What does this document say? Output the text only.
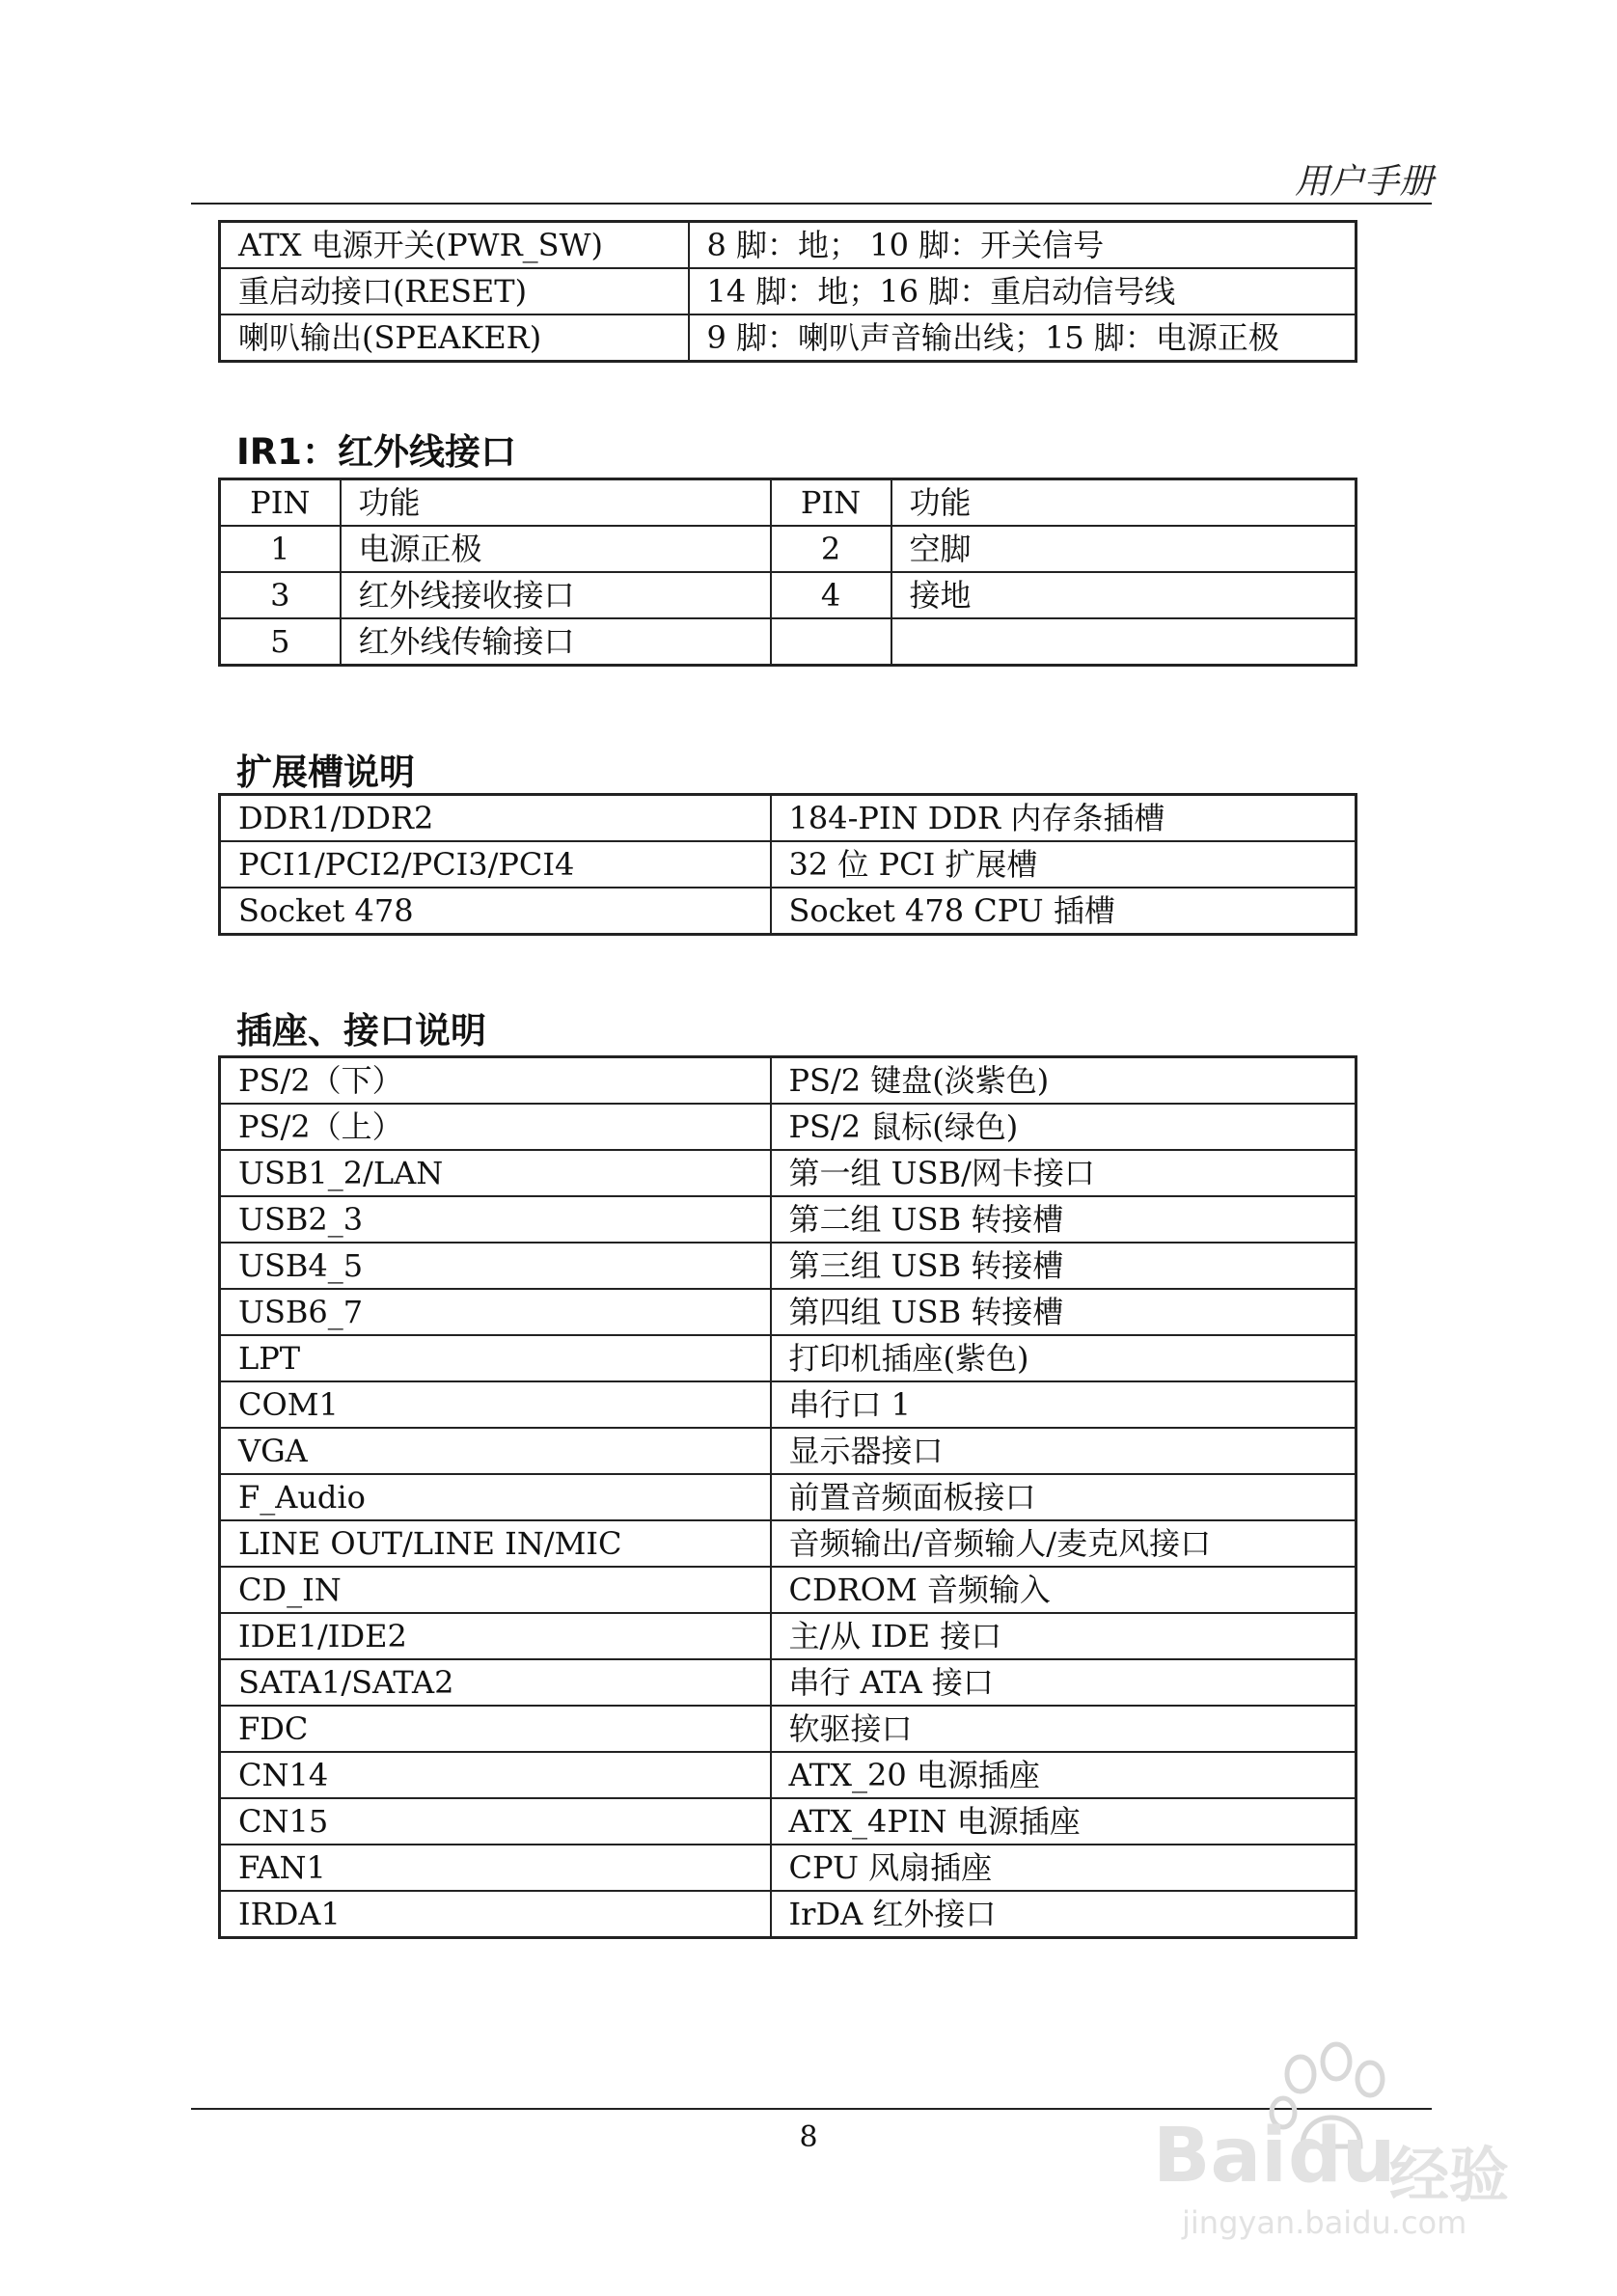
用户手册
ATX 电源开关(PWR_SW)	8 脚：地； 10 脚：开关信号
重启动接口(RESET)	14 脚：地；16 脚：重启动信号线
喇叭输出(SPEAKER)	9 脚：喇叭声音输出线；15 脚：电源正极
IR1：红外线接口
PIN	功能	PIN	功能
1	电源正极	2	空脚
3	红外线接收接口	4	接地
5	红外线传输接口		
扩展槽说明
DDR1/DDR2	184-PIN DDR 内存条插槽
PCI1/PCI2/PCI3/PCI4	32 位 PCI 扩展槽
Socket 478	Socket 478 CPU 插槽
插座、接口说明
PS/2（下）	PS/2 键盘(淡紫色)
PS/2（上）	PS/2 鼠标(绿色)
USB1_2/LAN	第一组 USB/网卡接口
USB2_3	第二组 USB 转接槽
USB4_5	第三组 USB 转接槽
USB6_7	第四组 USB 转接槽
LPT	打印机插座(紫色)
COM1	串行口 1
VGA	显示器接口
F_Audio	前置音频面板接口
LINE OUT/LINE IN/MIC	音频输出/音频输人/麦克风接口
CD_IN	CDROM 音频输入
IDE1/IDE2	主/从 IDE 接口
SATA1/SATA2	串行 ATA 接口
FDC	软驱接口
CN14	ATX_20 电源插座
CN15	ATX_4PIN 电源插座
FAN1	CPU 风扇插座
IRDA1	IrDA 红外接口
8	Bai du
经验
jingyan.baidu.com
